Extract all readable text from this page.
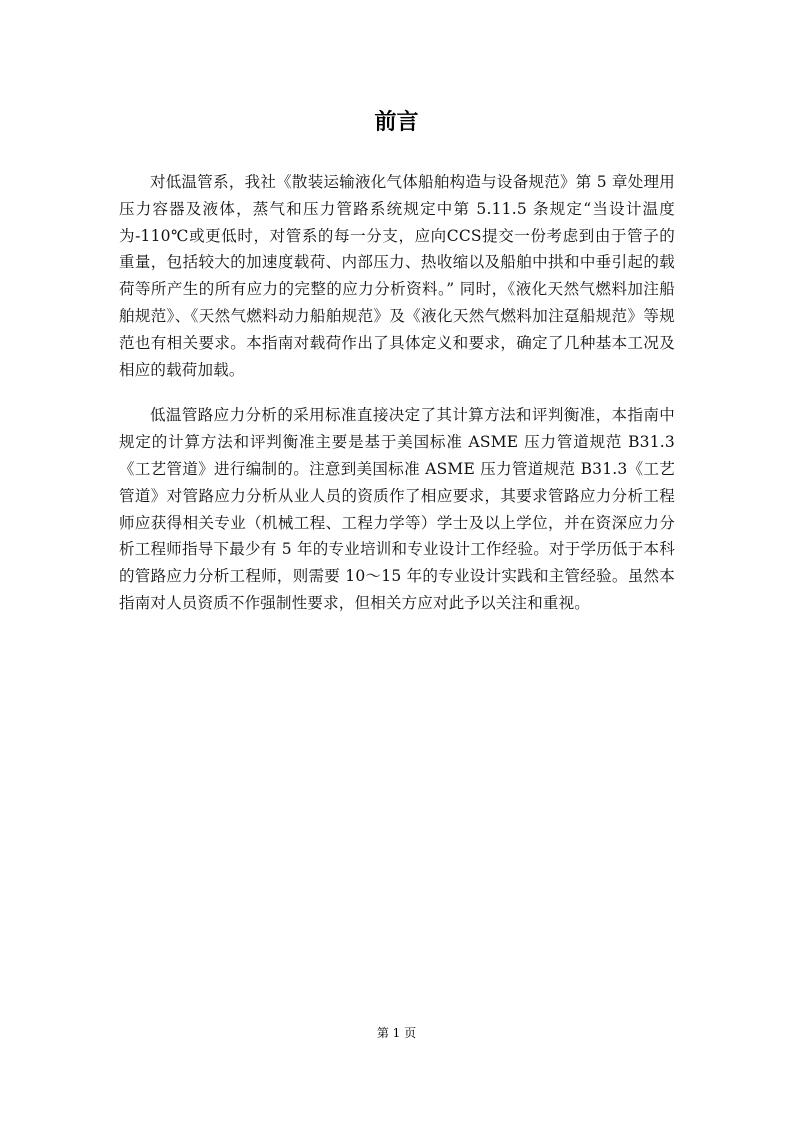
前言

对低温管系，我社《散装运输液化气体船舶构造与设备规范》第 5 章处理用压力容器及液体，蒸气和压力管路系统规定中第 5.11.5 条规定“当设计温度为-110℃或更低时，对管系的每一分支，应向CCS提交一份考虑到由于管子的重量，包括较大的加速度载荷、内部压力、热收缩以及船舶中拱和中垂引起的载荷等所产生的所有应力的完整的应力分析资料。” 同时，《液化天然气燃料加注船舶规范》、《天然气燃料动力船舶规范》及《液化天然气燃料加注趸船规范》等规范也有相关要求。本指南对载荷作出了具体定义和要求，确定了几种基本工况及相应的载荷加载。

低温管路应力分析的采用标准直接决定了其计算方法和评判衡准，本指南中规定的计算方法和评判衡准主要是基于美国标准 ASME 压力管道规范 B31.3《工艺管道》进行编制的。注意到美国标准 ASME 压力管道规范 B31.3《工艺管道》对管路应力分析从业人员的资质作了相应要求，其要求管路应力分析工程师应获得相关专业（机械工程、工程力学等）学士及以上学位，并在资深应力分析工程师指导下最少有 5 年的专业培训和专业设计工作经验。对于学历低于本科的管路应力分析工程师，则需要 10～15 年的专业设计实践和主管经验。虽然本指南对人员资质不作强制性要求，但相关方应对此予以关注和重视。

第 1 页
